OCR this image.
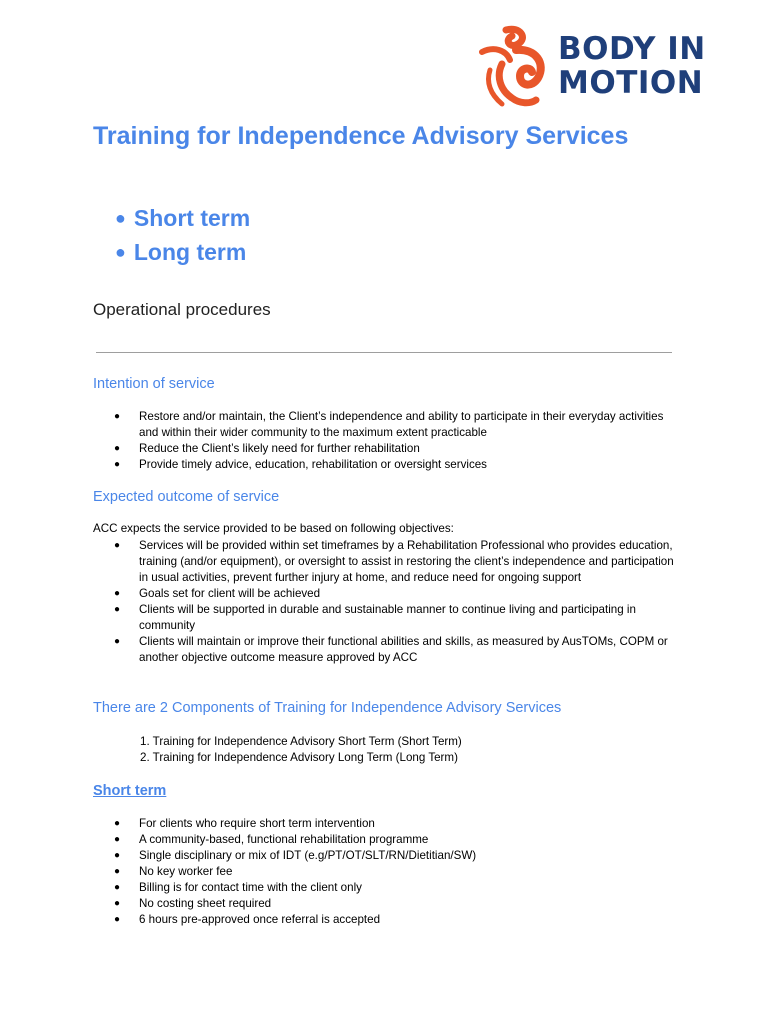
BODY IN
MOTION
Training for Independence Advisory Services
● Short term
● Long term
Operational procedures
Intention of service
● Restore and/or maintain, the Client’s independence and ability to participate in their everyday activities and within their wider community to the maximum extent practicable
● Reduce the Client’s likely need for further rehabilitation
● Provide timely advice, education, rehabilitation or oversight services
Expected outcome of service
ACC expects the service provided to be based on following objectives:
● Services will be provided within set timeframes by a Rehabilitation Professional who provides education, training (and/or equipment), or oversight to assist in restoring the client’s independence and participation in usual activities, prevent further injury at home, and reduce need for ongoing support
● Goals set for client will be achieved
● Clients will be supported in durable and sustainable manner to continue living and participating in community
● Clients will maintain or improve their functional abilities and skills, as measured by AusTOMs, COPM or another objective outcome measure approved by ACC
There are 2 Components of Training for Independence Advisory Services
1. Training for Independence Advisory Short Term (Short Term)
2. Training for Independence Advisory Long Term (Long Term)
Short term
● For clients who require short term intervention
● A community-based, functional rehabilitation programme
● Single disciplinary or mix of IDT (e.g/PT/OT/SLT/RN/Dietitian/SW)
● No key worker fee
● Billing is for contact time with the client only
● No costing sheet required
● 6 hours pre-approved once referral is accepted
